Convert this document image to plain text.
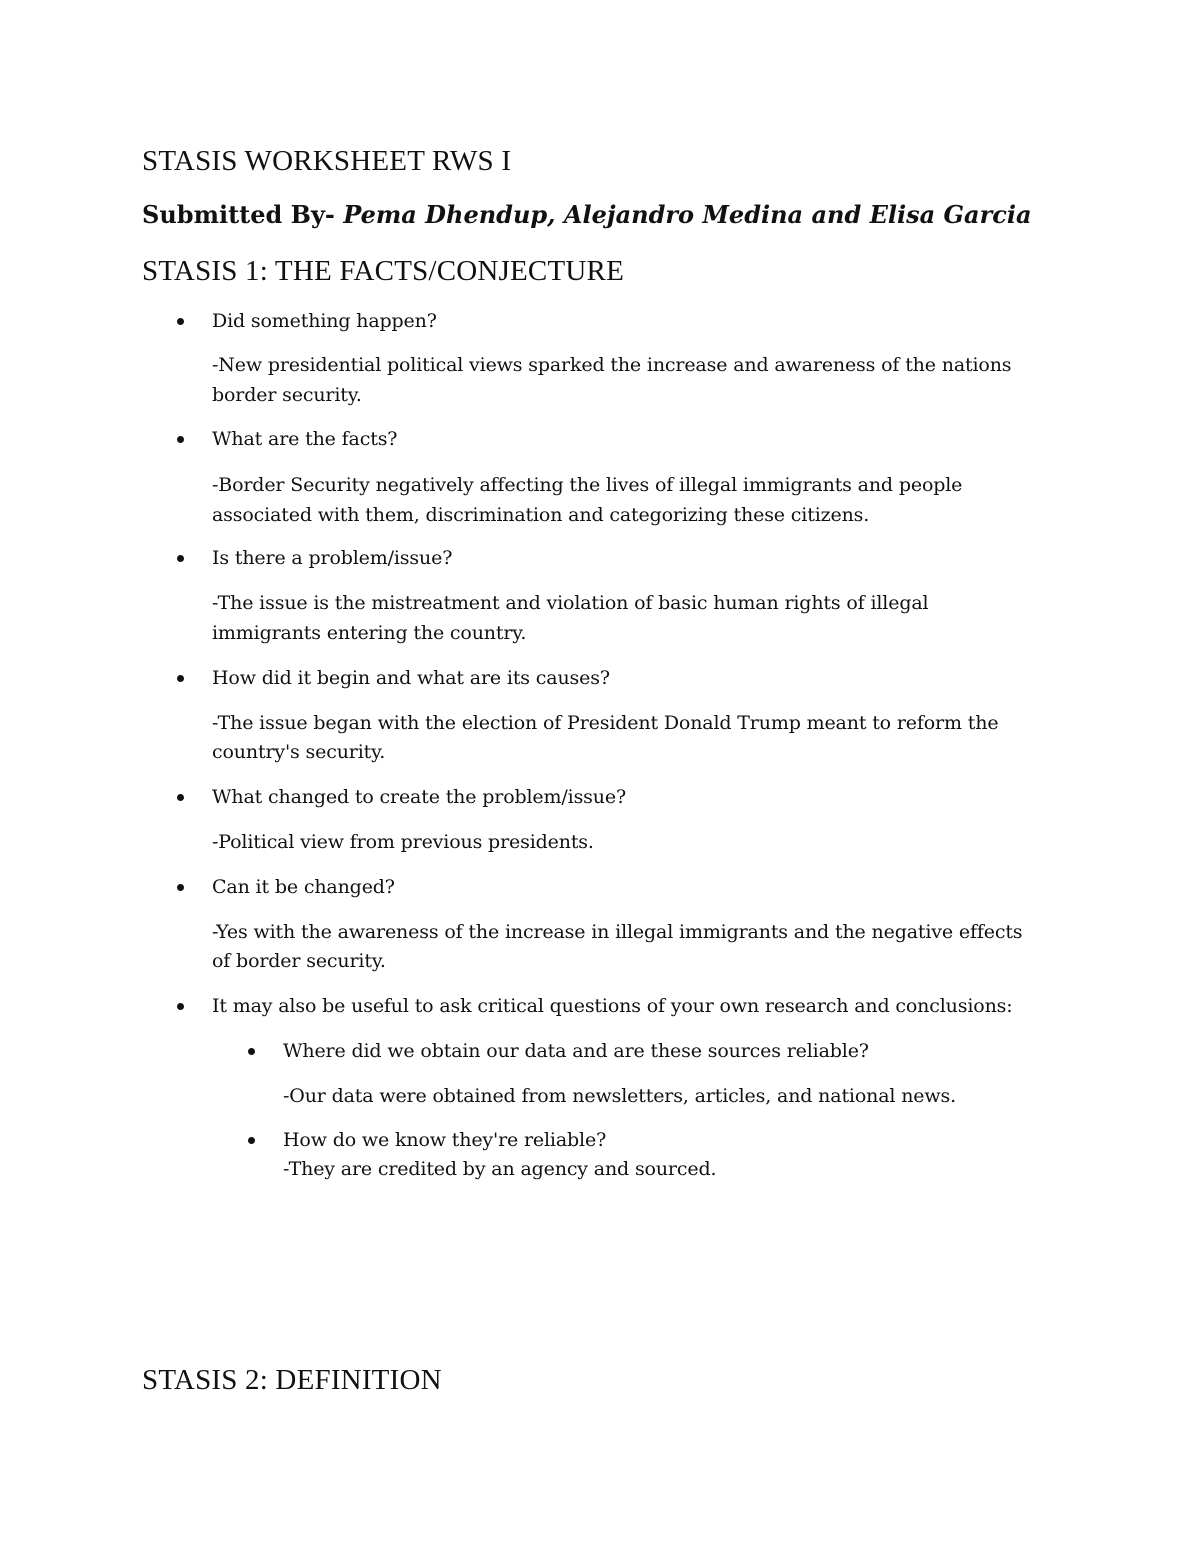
STASIS WORKSHEET RWS I

Submitted By- Pema Dhendup, Alejandro Medina and Elisa Garcia

STASIS 1: THE FACTS/CONJECTURE
Did something happen?
-New presidential political views sparked the increase and awareness of the nations
border security.
What are the facts?
-Border Security negatively affecting the lives of illegal immigrants and people
associated with them, discrimination and categorizing these citizens.
Is there a problem/issue?
-The issue is the mistreatment and violation of basic human rights of illegal
immigrants entering the country.
How did it begin and what are its causes?
-The issue began with the election of President Donald Trump meant to reform the
country's security.
What changed to create the problem/issue?
-Political view from previous presidents.
Can it be changed?
-Yes with the awareness of the increase in illegal immigrants and the negative effects
of border security.
It may also be useful to ask critical questions of your own research and conclusions:
Where did we obtain our data and are these sources reliable?
-Our data were obtained from newsletters, articles, and national news.
How do we know they're reliable?
-They are credited by an agency and sourced.
STASIS 2: DEFINITION
